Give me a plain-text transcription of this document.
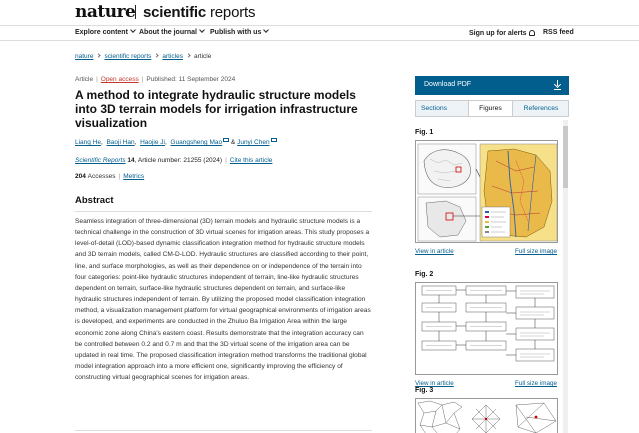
nature scientific reports
Explore content	About the journal	Publish with us	Sign up for alerts	RSS feed
nature scientific reports articles article
Article | Open access | Published: 11 September 2024
A method to integrate hydraulic structure models into 3D terrain models for irrigation infrastructure visualization
Liang He,  Baoji Han,  Haojie Ji,  Guangsheng Mao & Junyi Chen
Scientific Reports 14, Article number: 21255 (2024) | Cite this article
204 Accesses | Metrics
Abstract

Seamless integration of three-dimensional (3D) terrain models and hydraulic structure models is a technical challenge in the construction of 3D virtual scenes for irrigation areas. This study proposes a level-of-detail (LOD)-based dynamic classification integration method for hydraulic structure models and 3D terrain models, called CM-D-LOD. Hydraulic structures are classified according to their point, line, and surface morphologies, as well as their dependence on or independence of the terrain into four categories: point-like hydraulic structures independent of terrain, line-like hydraulic structures dependent on terrain, surface-like hydraulic structures dependent on terrain, and surface-like hydraulic structures independent of terrain. By utilizing the proposed model classification integration method, a visualization management platform for virtual geographical environments of irrigation areas is developed, and experiments are conducted in the Zhuluo Ba Irrigation Area within the large economic zone along China's eastern coast. Results demonstrate that the integration accuracy can be controlled between 0.2 and 0.7 m and that the 3D virtual scene of the irrigation area can be updated in real time. The proposed classification integration method transforms the traditional global model integration approach into a more efficient one, significantly improving the efficiency of constructing virtual geographical scenes for irrigation areas.

Download PDF
Sections	Figures	References
Fig. 1
View in article	Full size image
Fig. 2
View in article	Full size image
Fig. 3
